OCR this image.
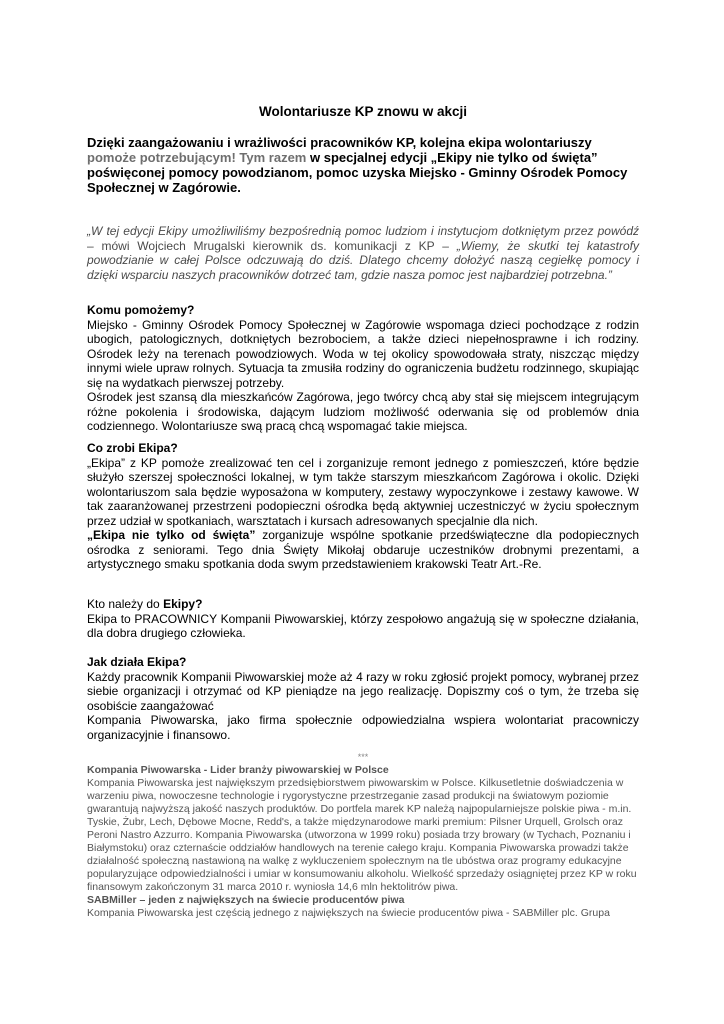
Wolontariusze KP znowu w akcji

Dzięki zaangażowaniu i wrażliwości pracowników KP, kolejna ekipa wolontariuszy pomoże potrzebującym! Tym razem w specjalnej edycji „Ekipy nie tylko od święta” poświęconej pomocy powodzianom, pomoc uzyska Miejsko - Gminny Ośrodek Pomocy Społecznej w Zagórowie.

„W tej edycji Ekipy umożliwiliśmy bezpośrednią pomoc ludziom i instytucjom dotkniętym przez powódź – mówi Wojciech Mrugalski kierownik ds. komunikacji z KP – „Wiemy, że skutki tej katastrofy powodzianie w całej Polsce odczuwają do dziś. Dlatego chcemy dołożyć naszą cegiełkę pomocy i dzięki wsparciu naszych pracowników dotrzeć tam, gdzie nasza pomoc jest najbardziej potrzebna.”

Komu pomożemy?

Miejsko - Gminny Ośrodek Pomocy Społecznej w Zagórowie wspomaga dzieci pochodzące z rodzin ubogich, patologicznych, dotkniętych bezrobociem, a także dzieci niepełnosprawne i ich rodziny. Ośrodek leży na terenach powodziowych. Woda w tej okolicy spowodowała straty, niszcząc między innymi wiele upraw rolnych. Sytuacja ta zmusiła rodziny do ograniczenia budżetu rodzinnego, skupiając się na wydatkach pierwszej potrzeby.

Ośrodek jest szansą dla mieszkańców Zagórowa, jego twórcy chcą aby stał się miejscem integrującym różne pokolenia i środowiska, dającym ludziom możliwość oderwania się od problemów dnia codziennego. Wolontariusze swą pracą chcą wspomagać takie miejsca.

Co zrobi Ekipa?

„Ekipa” z KP pomoże zrealizować ten cel i zorganizuje remont jednego z pomieszczeń, które będzie służyło szerszej społeczności lokalnej, w tym także starszym mieszkańcom Zagórowa i okolic. Dzięki wolontariuszom sala będzie wyposażona w komputery, zestawy wypoczynkowe i zestawy kawowe. W tak zaaranżowanej przestrzeni podopieczni ośrodka będą aktywniej uczestniczyć w życiu społecznym przez udział w spotkaniach, warsztatach i kursach adresowanych specjalnie dla nich.

„Ekipa nie tylko od święta” zorganizuje wspólne spotkanie przedświąteczne dla podopiecznych ośrodka z seniorami. Tego dnia Święty Mikołaj obdaruje uczestników drobnymi prezentami, a artystycznego smaku spotkania doda swym przedstawieniem krakowski Teatr Art.-Re.

Kto należy do Ekipy?

Ekipa to PRACOWNICY Kompanii Piwowarskiej, którzy zespołowo angażują się w społeczne działania, dla dobra drugiego człowieka.

Jak działa Ekipa?

Każdy pracownik Kompanii Piwowarskiej może aż 4 razy w roku zgłosić projekt pomocy, wybranej przez siebie organizacji i otrzymać od KP pieniądze na jego realizację. Dopiszmy coś o tym, że trzeba się osobiście zaangażować

Kompania Piwowarska, jako firma społecznie odpowiedzialna wspiera wolontariat pracowniczy organizacyjnie i finansowo.

***
Kompania Piwowarska - Lider branży piwowarskiej w Polsce

Kompania Piwowarska jest największym przedsiębiorstwem piwowarskim w Polsce. Kilkusetletnie doświadczenia w warzeniu piwa, nowoczesne technologie i rygorystyczne przestrzeganie zasad produkcji na światowym poziomie gwarantują najwyższą jakość naszych produktów. Do portfela marek KP należą najpopularniejsze polskie piwa - m.in. Tyskie, Żubr, Lech, Dębowe Mocne, Redd's, a także międzynarodowe marki premium: Pilsner Urquell, Grolsch oraz Peroni Nastro Azzurro. Kompania Piwowarska (utworzona w 1999 roku) posiada trzy browary (w Tychach, Poznaniu i Białymstoku) oraz czternaście oddziałów handlowych na terenie całego kraju. Kompania Piwowarska prowadzi także działalność społeczną nastawioną na walkę z wykluczeniem społecznym na tle ubóstwa oraz programy edukacyjne popularyzujące odpowiedzialności i umiar w konsumowaniu alkoholu. Wielkość sprzedaży osiągniętej przez KP w roku finansowym zakończonym 31 marca 2010 r. wyniosła 14,6 mln hektolitrów piwa.

SABMiller – jeden z największych na świecie producentów piwa

Kompania Piwowarska jest częścią jednego z największych na świecie producentów piwa - SABMiller plc. Grupa
